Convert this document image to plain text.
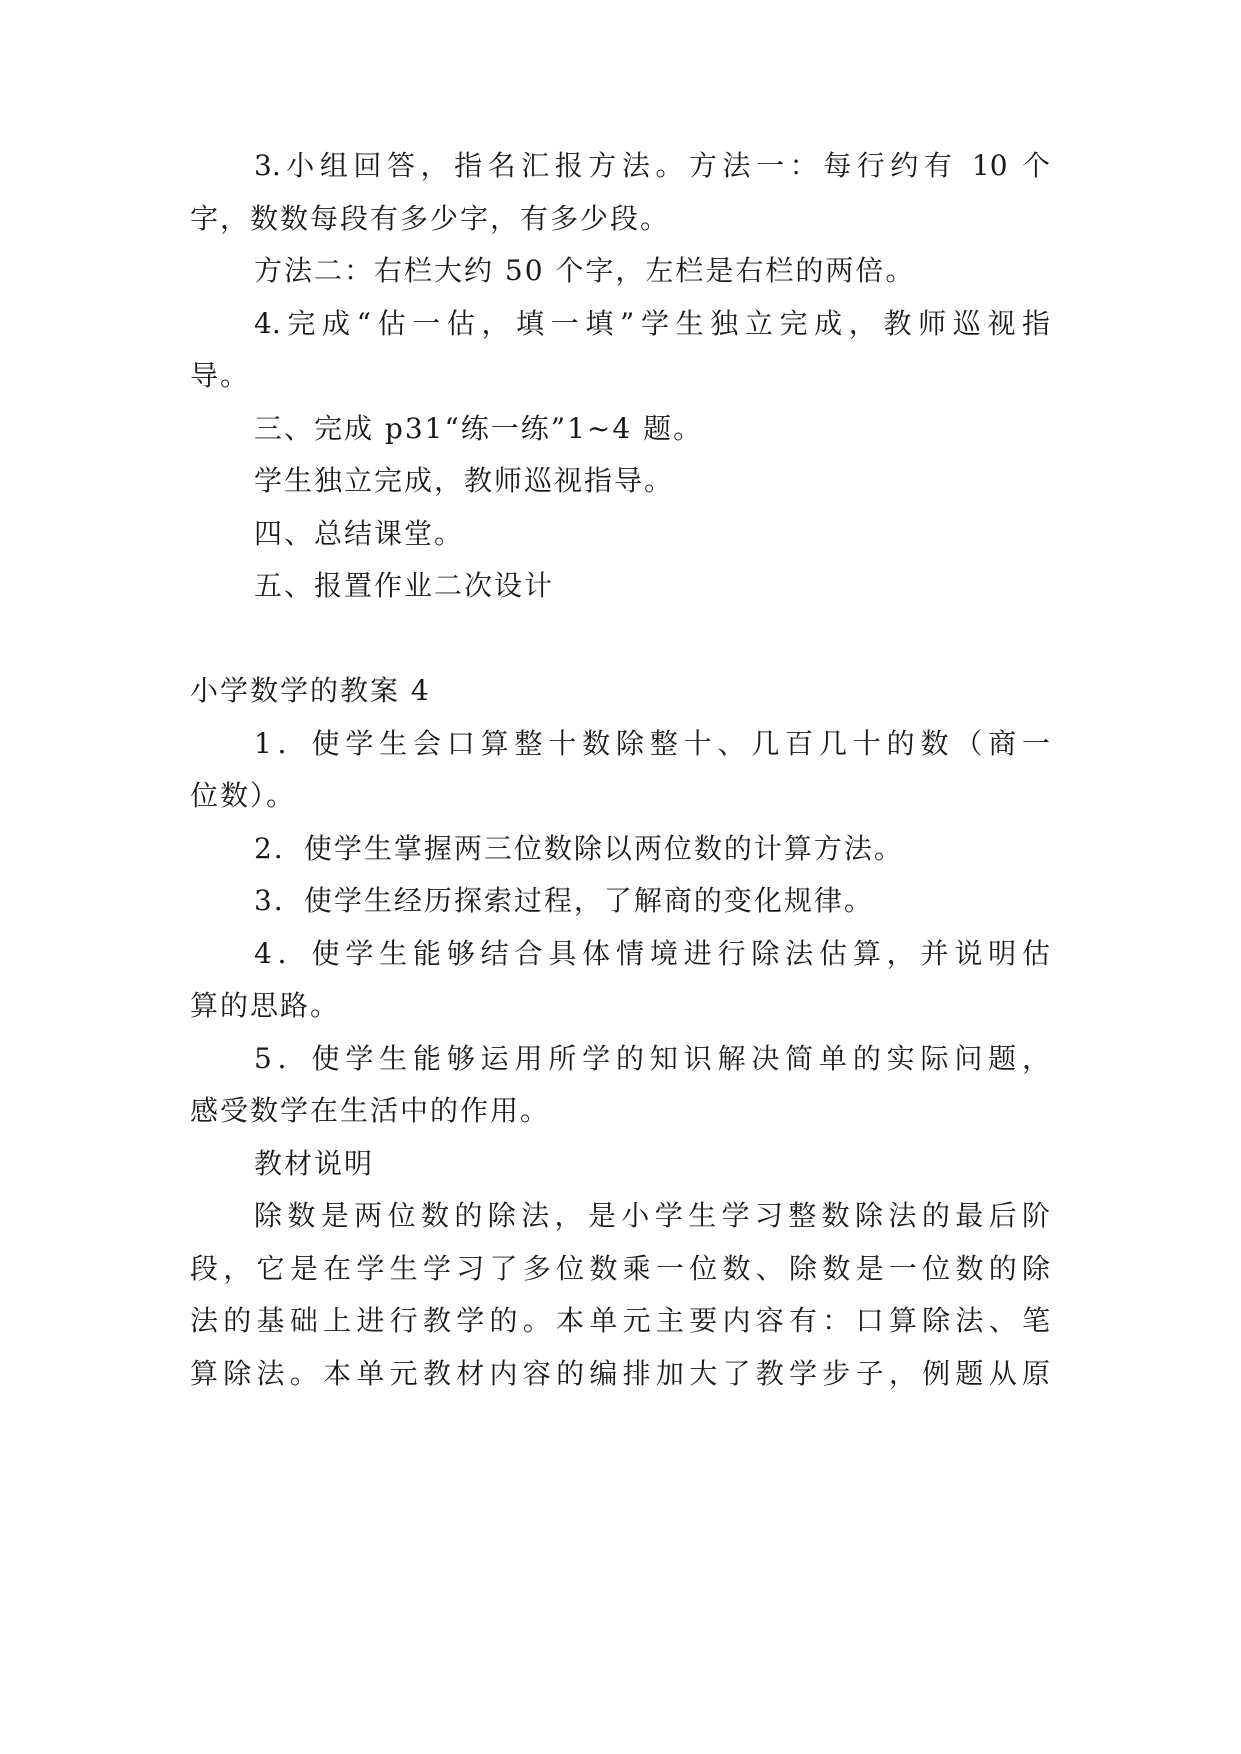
3.小组回答，指名汇报方法。方法一：每行约有 10 个
字，数数每段有多少字，有多少段。
方法二：右栏大约 50 个字，左栏是右栏的两倍。
4.完成“估一估，填一填”学生独立完成，教师巡视指
导。
三、完成 p31“练一练”1~4 题。
学生独立完成，教师巡视指导。
四、总结课堂。
五、报置作业二次设计
小学数学的教案 4
1．使学生会口算整十数除整十、几百几十的数（商一
位数）。
2．使学生掌握两三位数除以两位数的计算方法。
3．使学生经历探索过程，了解商的变化规律。
4．使学生能够结合具体情境进行除法估算，并说明估
算的思路。
5．使学生能够运用所学的知识解决简单的实际问题，
感受数学在生活中的作用。
教材说明
除数是两位数的除法，是小学生学习整数除法的最后阶
段，它是在学生学习了多位数乘一位数、除数是一位数的除
法的基础上进行教学的。本单元主要内容有：口算除法、笔
算除法。本单元教材内容的编排加大了教学步子，例题从原
